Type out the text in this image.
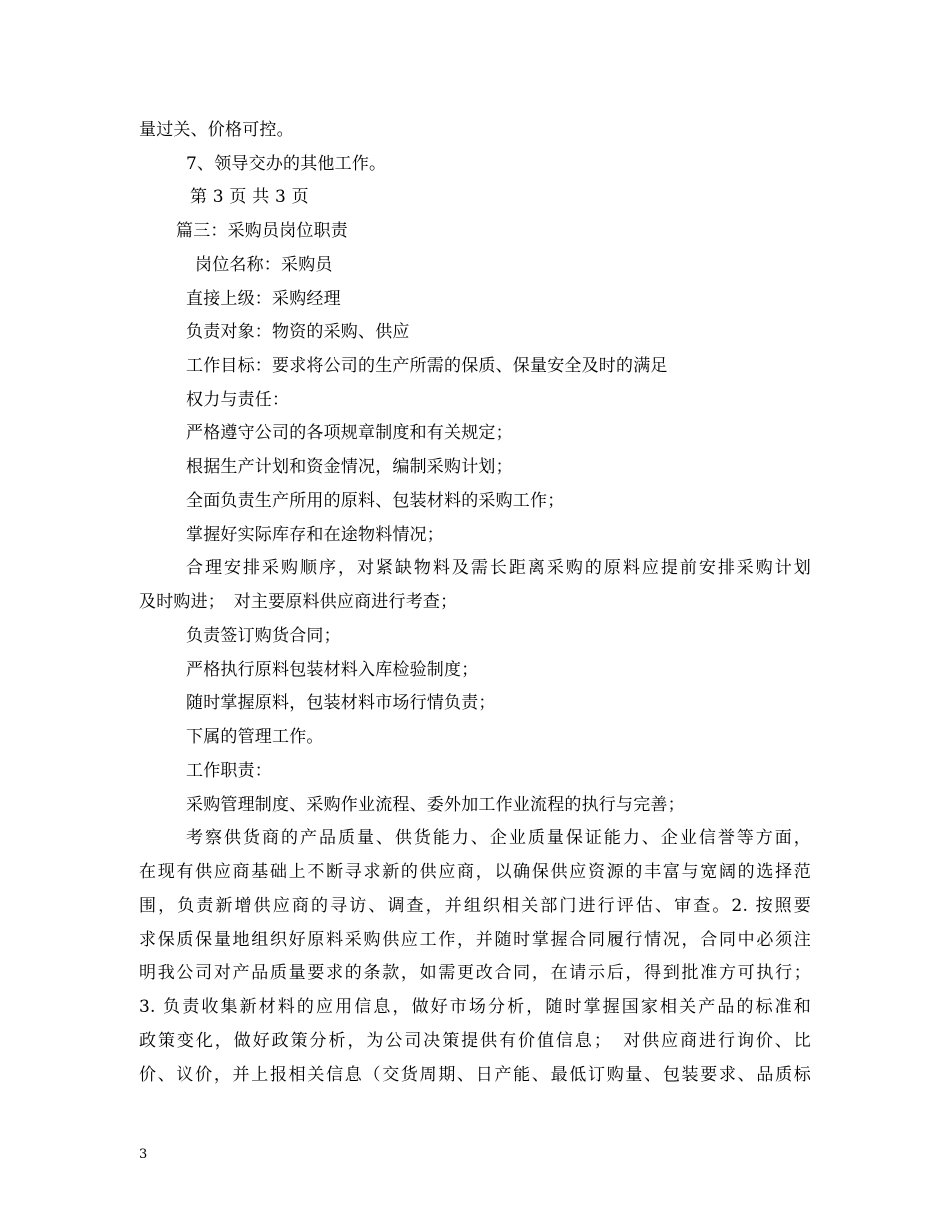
量过关、价格可控。
7、领导交办的其他工作。
第 3 页 共 3 页
篇三：采购员岗位职责
岗位名称：采购员
直接上级：采购经理
负责对象：物资的采购、供应
工作目标：要求将公司的生产所需的保质、保量安全及时的满足
权力与责任：
严格遵守公司的各项规章制度和有关规定；
根据生产计划和资金情况，编制采购计划；
全面负责生产所用的原料、包装材料的采购工作；
掌握好实际库存和在途物料情况；
合理安排采购顺序，对紧缺物料及需长距离采购的原料应提前安排采购计划
及时购进；　对主要原料供应商进行考查；
负责签订购货合同；
严格执行原料包装材料入库检验制度；
随时掌握原料，包装材料市场行情负责；
下属的管理工作。
工作职责：
采购管理制度、采购作业流程、委外加工作业流程的执行与完善；
考察供货商的产品质量、供货能力、企业质量保证能力、企业信誉等方面，
在现有供应商基础上不断寻求新的供应商，以确保供应资源的丰富与宽阔的选择范
围，负责新增供应商的寻访、调查，并组织相关部门进行评估、审查。2. 按照要
求保质保量地组织好原料采购供应工作，并随时掌握合同履行情况，合同中必须注
明我公司对产品质量要求的条款，如需更改合同，在请示后，得到批准方可执行；
3. 负责收集新材料的应用信息，做好市场分析，随时掌握国家相关产品的标准和
政策变化，做好政策分析，为公司决策提供有价值信息；　对供应商进行询价、比
价、议价，并上报相关信息（交货周期、日产能、最低订购量、包装要求、品质标
3
